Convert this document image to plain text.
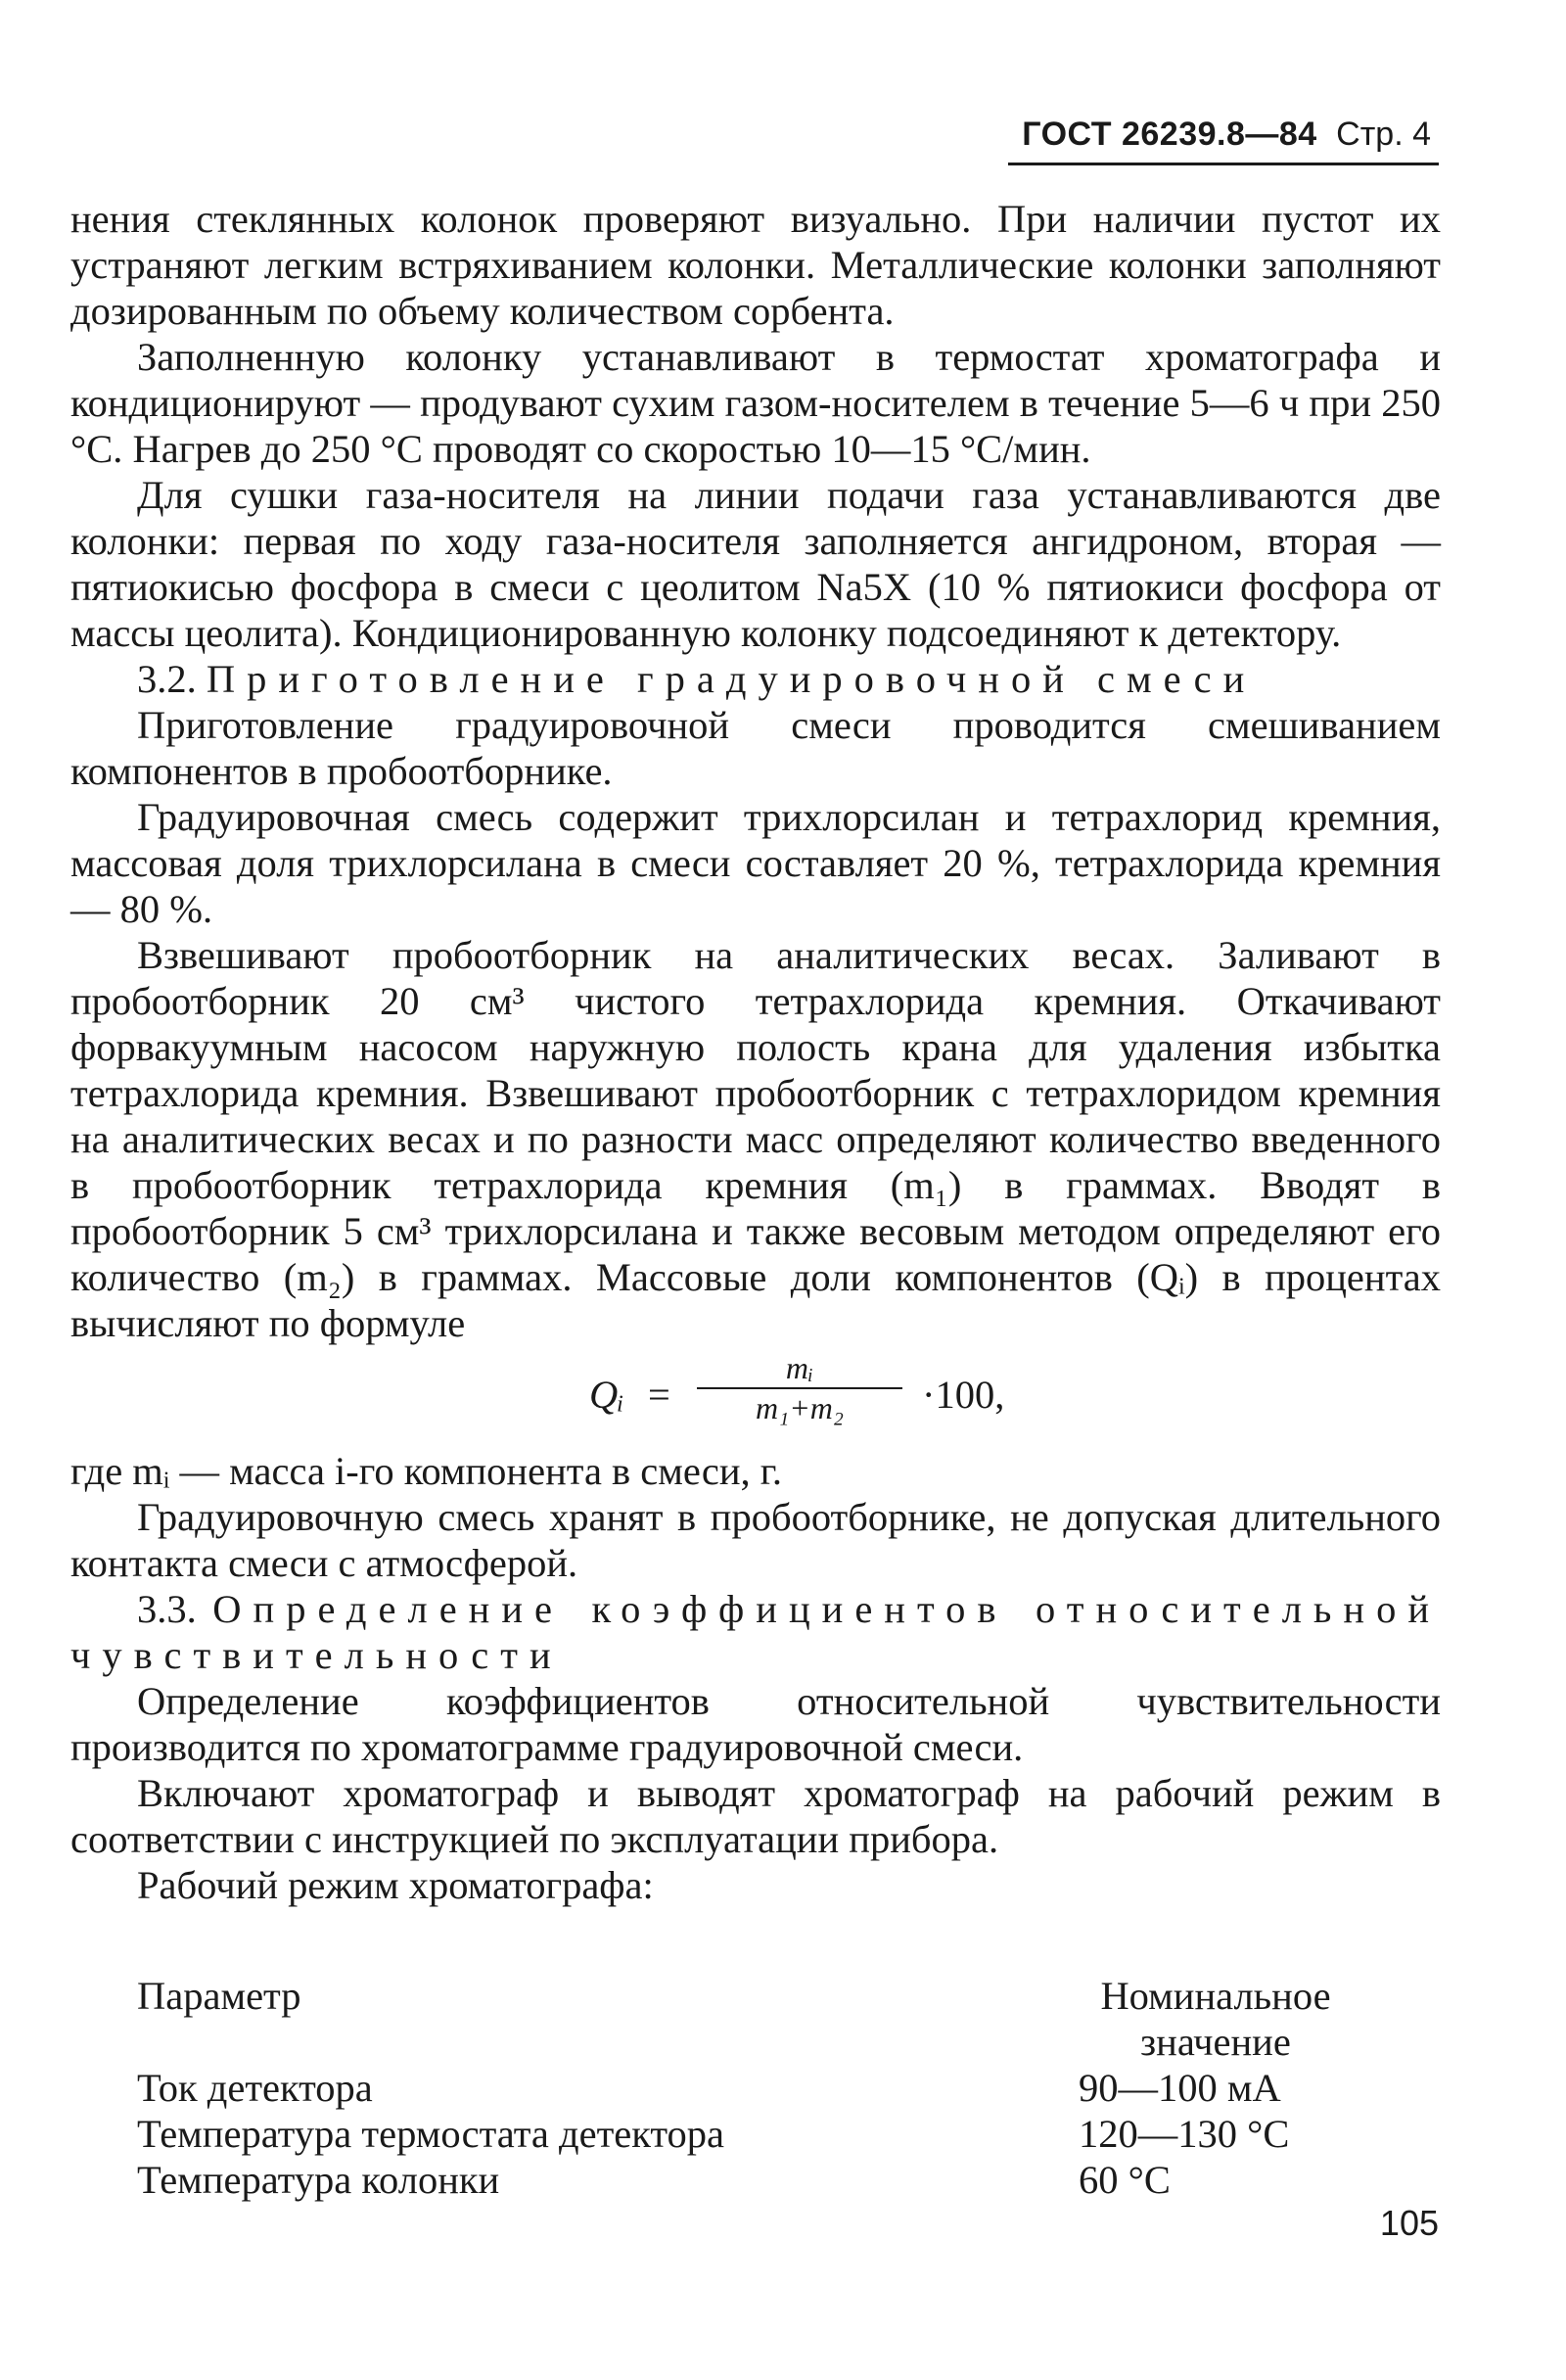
ГОСТ 26239.8—84 Стр. 4

нения стеклянных колонок проверяют визуально. При наличии пустот их устраняют легким встряхиванием колонки. Металлические колонки заполняют дозированным по объему количеством сорбента.

Заполненную колонку устанавливают в термостат хроматографа и кондиционируют — продувают сухим газом-носителем в течение 5—6 ч при 250 °С. Нагрев до 250 °С проводят со скоростью 10—15 °С/мин.

Для сушки газа-носителя на линии подачи газа устанавливаются две колонки: первая по ходу газа-носителя заполняется ангидроном, вторая — пятиокисью фосфора в смеси с цеолитом Na5X (10 % пятиокиси фосфора от массы цеолита). Кондиционированную колонку подсоединяют к детектору.

3.2. Приготовление градуировочной смеси

Приготовление градуировочной смеси проводится смешиванием компонентов в пробоотборнике.

Градуировочная смесь содержит трихлорсилан и тетрахлорид кремния, массовая доля трихлорсилана в смеси составляет 20 %, тетрахлорида кремния — 80 %.

Взвешивают пробоотборник на аналитических весах. Заливают в пробоотборник 20 см³ чистого тетрахлорида кремния. Откачивают форвакуумным насосом наружную полость крана для удаления избытка тетрахлорида кремния. Взвешивают пробоотборник с тетрахлоридом кремния на аналитических весах и по разности масс определяют количество введенного в пробоотборник тетрахлорида кремния (m₁) в граммах. Вводят в пробоотборник 5 см³ трихлорсилана и также весовым методом определяют его количество (m₂) в граммах. Массовые доли компонентов (Qᵢ) в процентах вычисляют по формуле

Qᵢ = $\frac{\text{mᵢ}}{\text{m₁+m₂}} \cdot 100$,

где mᵢ — масса i-го компонента в смеси, г.

Градуировочную смесь хранят в пробоотборнике, не допуская длительного контакта смеси с атмосферой.

3.3. Определение коэффициентов относительной чувствительности

Определение коэффициентов относительной чувствительности производится по хроматограмме градуировочной смеси.

Включают хроматограф и выводят хроматограф на рабочий режим в соответствии с инструкцией по эксплуатации прибора.

Рабочий режим хроматографа:

Параметр	Номинальное значение
Ток детектора	90—100 мА
Температура термостата детектора	120—130 °С
Температура колонки	60 °С
105
